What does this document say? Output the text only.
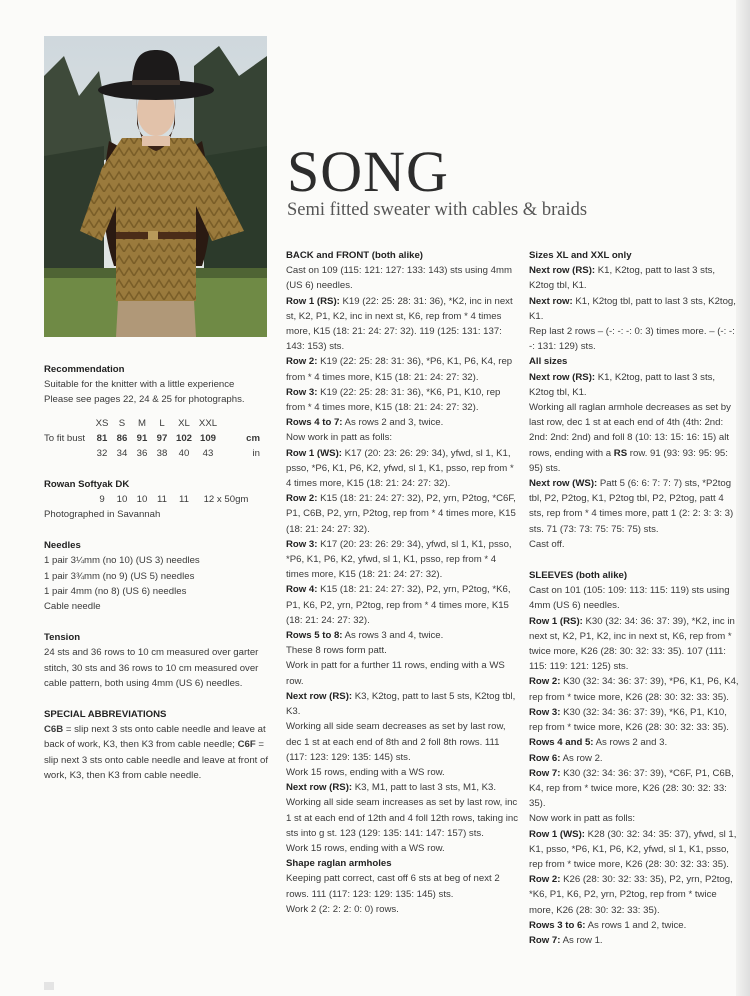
SONG
Semi fitted sweater with cables & braids

Recommendation

Suitable for the knitter with a little experience

Please see pages 22, 24 & 25 for photographs.

	XS	S	M	L	XL	XXL	
To fit bust	81	86	91	97	102	109	cm
	32	34	36	38	40	43	in

Rowan Softyak DK

9 10 10 11 11 12 x 50gm

Photographed in Savannah

Needles

1 pair 3¼mm (no 10) (US 3) needles

1 pair 3¾mm (no 9) (US 5) needles

1 pair 4mm (no 8) (US 6) needles

Cable needle

Tension

24 sts and 36 rows to 10 cm measured over garter stitch, 30 sts and 36 rows to 10 cm measured over cable pattern, both using 4mm (US 6) needles.

SPECIAL ABBREVIATIONS

C6B = slip next 3 sts onto cable needle and leave at back of work, K3, then K3 from cable needle; C6F = slip next 3 sts onto cable needle and leave at front of work, K3, then K3 from cable needle.

BACK and FRONT (both alike)

Cast on 109 (115: 121: 127: 133: 143) sts using 4mm (US 6) needles.

Row 1 (RS): K19 (22: 25: 28: 31: 36), *K2, inc in next st, K2, P1, K2, inc in next st, K6, rep from * 4 times more, K15 (18: 21: 24: 27: 32). 119 (125: 131: 137: 143: 153) sts.

Row 2: K19 (22: 25: 28: 31: 36), *P6, K1, P6, K4, rep from * 4 times more, K15 (18: 21: 24: 27: 32).

Row 3: K19 (22: 25: 28: 31: 36), *K6, P1, K10, rep from * 4 times more, K15 (18: 21: 24: 27: 32).

Rows 4 to 7: As rows 2 and 3, twice.

Now work in patt as folls:

Row 1 (WS): K17 (20: 23: 26: 29: 34), yfwd, sl 1, K1, psso, *P6, K1, P6, K2, yfwd, sl 1, K1, psso, rep from * 4 times more, K15 (18: 21: 24: 27: 32).

Row 2: K15 (18: 21: 24: 27: 32), P2, yrn, P2tog, *C6F, P1, C6B, P2, yrn, P2tog, rep from * 4 times more, K15 (18: 21: 24: 27: 32).

Row 3: K17 (20: 23: 26: 29: 34), yfwd, sl 1, K1, psso, *P6, K1, P6, K2, yfwd, sl 1, K1, psso, rep from * 4 times more, K15 (18: 21: 24: 27: 32).

Row 4: K15 (18: 21: 24: 27: 32), P2, yrn, P2tog, *K6, P1, K6, P2, yrn, P2tog, rep from * 4 times more, K15 (18: 21: 24: 27: 32).

Rows 5 to 8: As rows 3 and 4, twice.

These 8 rows form patt.

Work in patt for a further 11 rows, ending with a WS row.

Next row (RS): K3, K2tog, patt to last 5 sts, K2tog tbl, K3.

Working all side seam decreases as set by last row, dec 1 st at each end of 8th and 2 foll 8th rows. 111 (117: 123: 129: 135: 145) sts.

Work 15 rows, ending with a WS row.

Next row (RS): K3, M1, patt to last 3 sts, M1, K3.

Working all side seam increases as set by last row, inc 1 st at each end of 12th and 4 foll 12th rows, taking inc sts into g st. 123 (129: 135: 141: 147: 157) sts.

Work 15 rows, ending with a WS row.

Shape raglan armholes

Keeping patt correct, cast off 6 sts at beg of next 2 rows. 111 (117: 123: 129: 135: 145) sts.

Work 2 (2: 2: 2: 0: 0) rows.

Sizes XL and XXL only

Next row (RS): K1, K2tog, patt to last 3 sts, K2tog tbl, K1.

Next row: K1, K2tog tbl, patt to last 3 sts, K2tog, K1.

Rep last 2 rows – (-: -: -: 0: 3) times more. – (-: -: -: 131: 129) sts.

All sizes

Next row (RS): K1, K2tog, patt to last 3 sts, K2tog tbl, K1.

Working all raglan armhole decreases as set by last row, dec 1 st at each end of 4th (4th: 2nd: 2nd: 2nd: 2nd) and foll 8 (10: 13: 15: 16: 15) alt rows, ending with a RS row. 91 (93: 93: 95: 95: 95) sts.

Next row (WS): Patt 5 (6: 6: 7: 7: 7) sts, *P2tog tbl, P2, P2tog, K1, P2tog tbl, P2, P2tog, patt 4 sts, rep from * 4 times more, patt 1 (2: 2: 3: 3: 3) sts. 71 (73: 73: 75: 75: 75) sts.

Cast off.

SLEEVES (both alike)

Cast on 101 (105: 109: 113: 115: 119) sts using 4mm (US 6) needles.

Row 1 (RS): K30 (32: 34: 36: 37: 39), *K2, inc in next st, K2, P1, K2, inc in next st, K6, rep from * twice more, K26 (28: 30: 32: 33: 35). 107 (111: 115: 119: 121: 125) sts.

Row 2: K30 (32: 34: 36: 37: 39), *P6, K1, P6, K4, rep from * twice more, K26 (28: 30: 32: 33: 35).

Row 3: K30 (32: 34: 36: 37: 39), *K6, P1, K10, rep from * twice more, K26 (28: 30: 32: 33: 35).

Rows 4 and 5: As rows 2 and 3.

Row 6: As row 2.

Row 7: K30 (32: 34: 36: 37: 39), *C6F, P1, C6B, K4, rep from * twice more, K26 (28: 30: 32: 33: 35).

Now work in patt as folls:

Row 1 (WS): K28 (30: 32: 34: 35: 37), yfwd, sl 1, K1, psso, *P6, K1, P6, K2, yfwd, sl 1, K1, psso, rep from * twice more, K26 (28: 30: 32: 33: 35).

Row 2: K26 (28: 30: 32: 33: 35), P2, yrn, P2tog, *K6, P1, K6, P2, yrn, P2tog, rep from * twice more, K26 (28: 30: 32: 33: 35).

Rows 3 to 6: As rows 1 and 2, twice.

Row 7: As row 1.
